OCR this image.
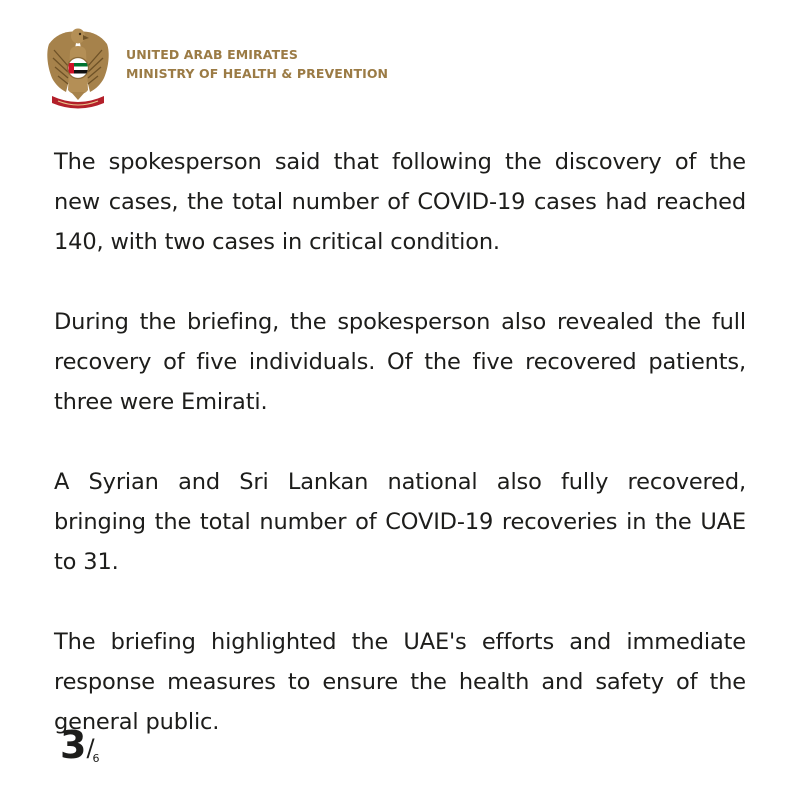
UNITED ARAB EMIRATES
MINISTRY OF HEALTH & PREVENTION

The spokesperson said that following the discovery of the new cases, the total number of COVID-19 cases had reached 140, with two cases in critical condition.

During the briefing, the spokesperson also revealed the full recovery of five individuals. Of the five recovered patients, three were Emirati.

A Syrian and Sri Lankan national also fully recovered, bringing the total number of COVID-19 recoveries in the UAE to 31.

The briefing highlighted the UAE's efforts and immediate response measures to ensure the health and safety of the general public.

3/6
